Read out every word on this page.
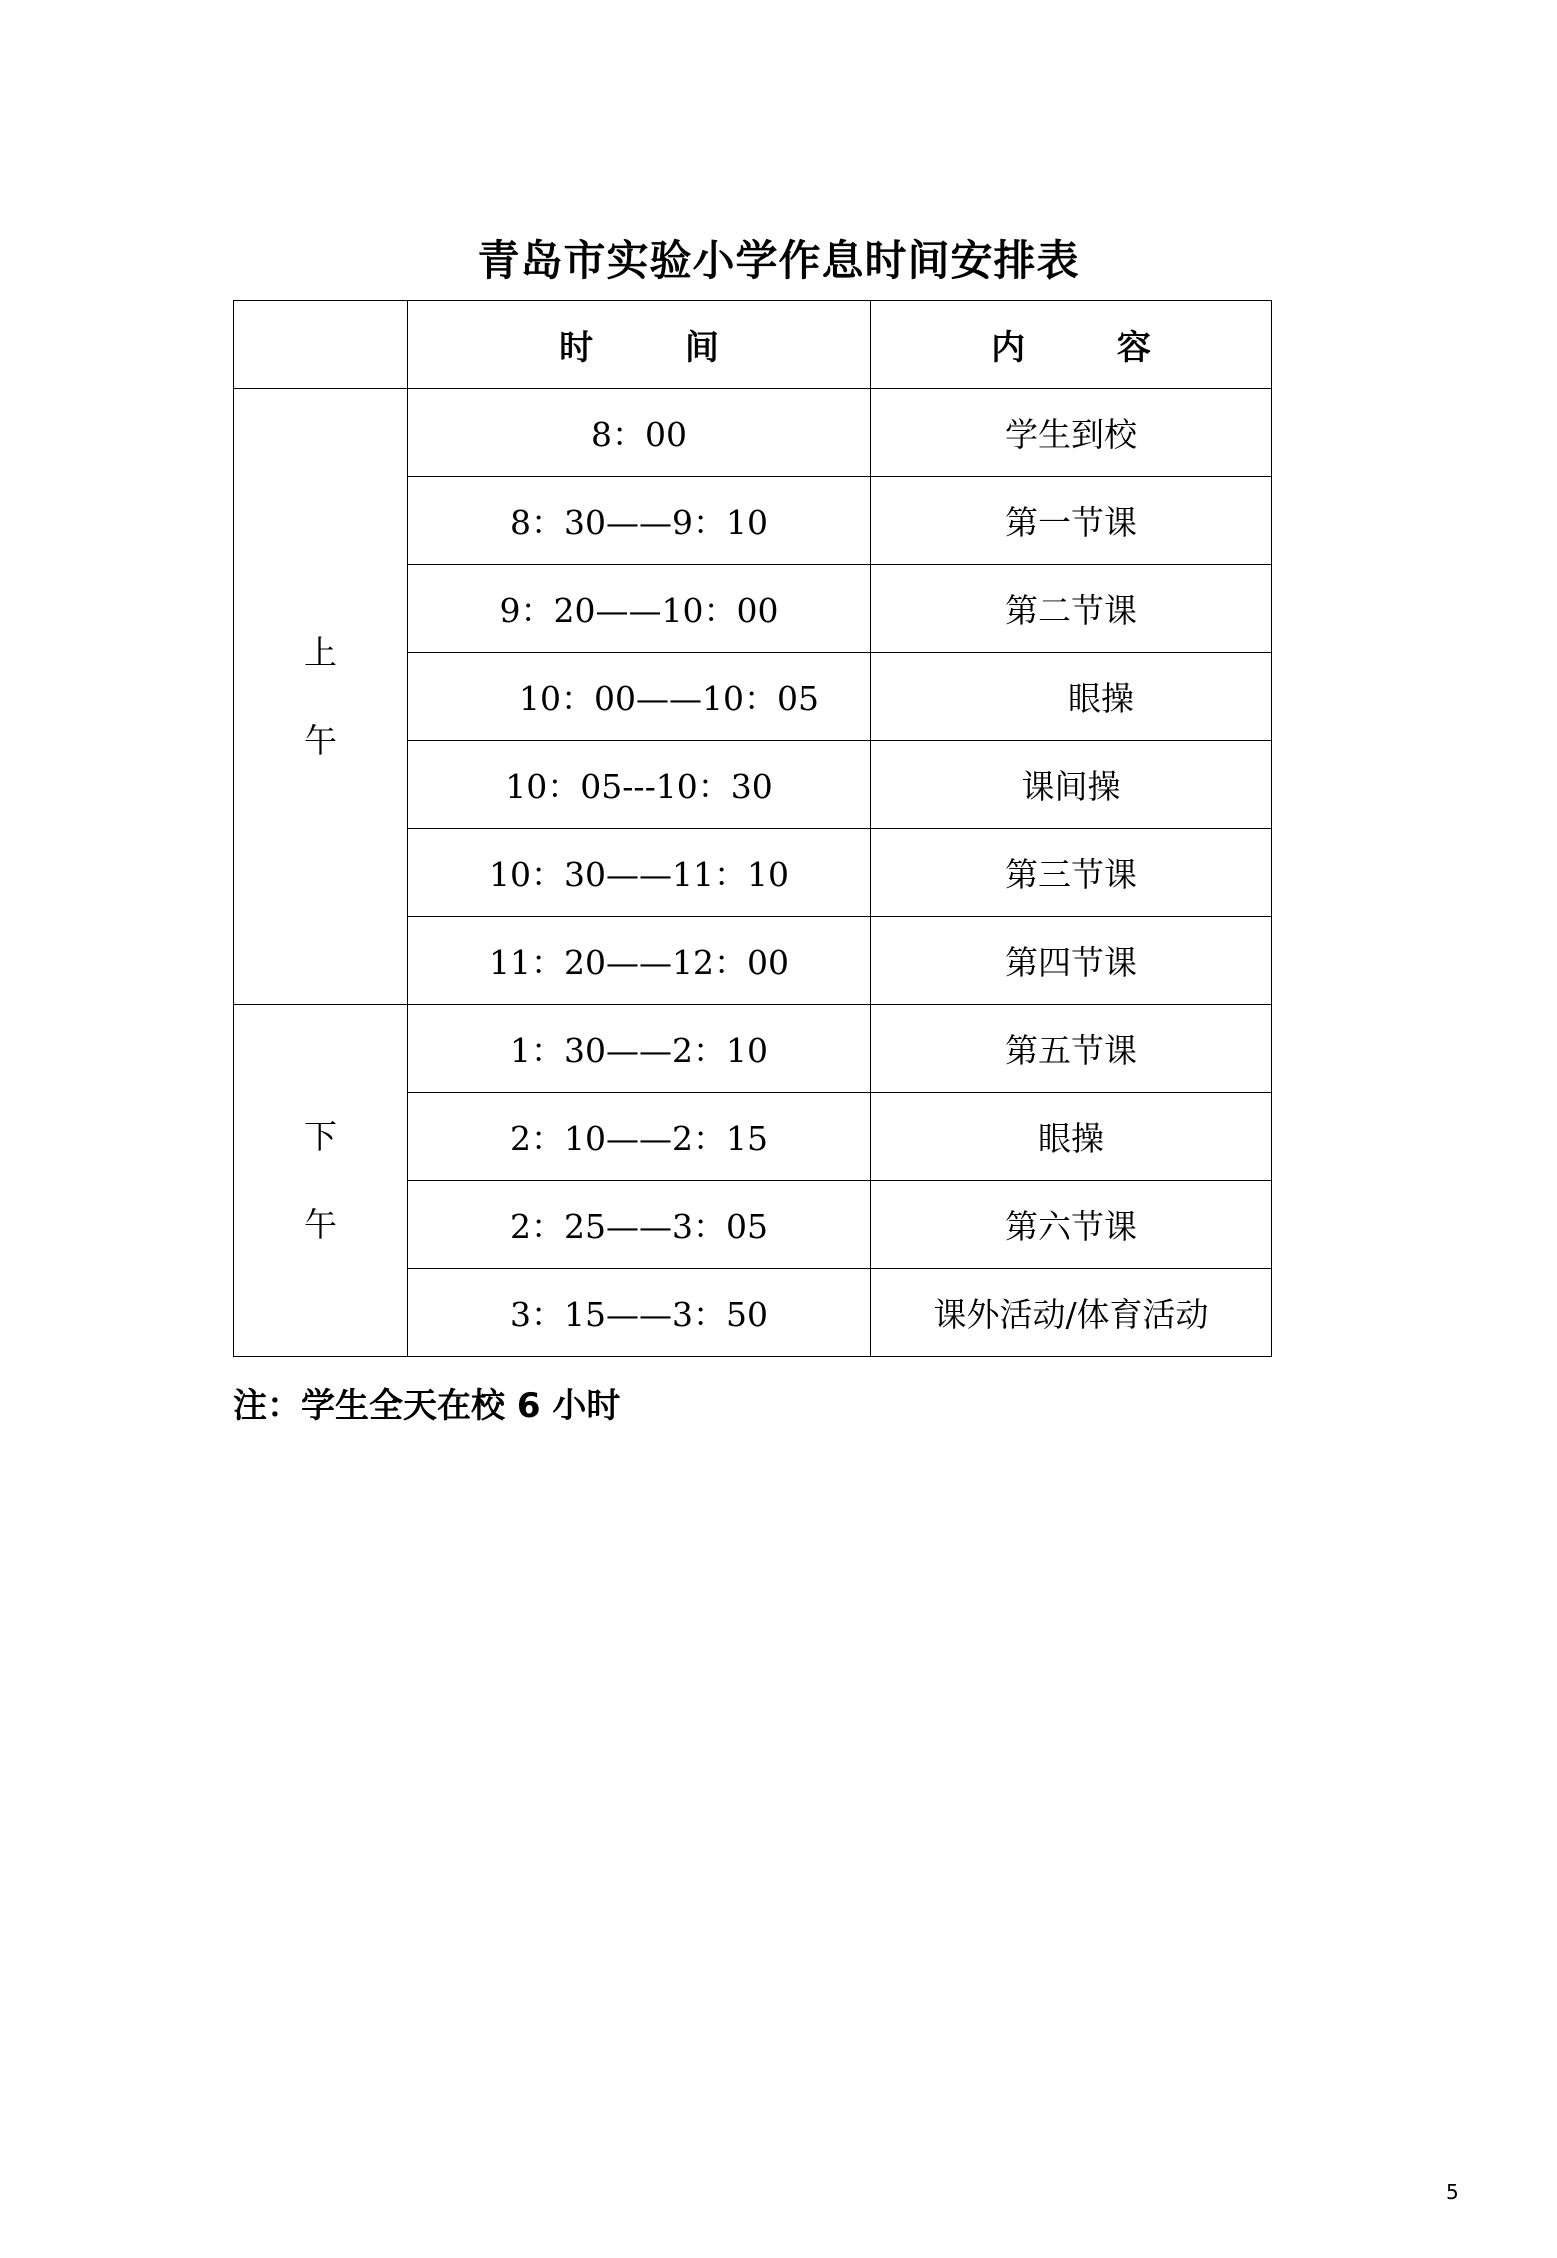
青岛市实验小学作息时间安排表
	时 间	内 容

上
午	8：00	学生到校
	8：30——9：10	第一节课
	9：20——10：00	第二节课
	10：00——10：05	眼操
	10：05---10：30	课间操
	10：30——11：10	第三节课
	11：20——12：00	第四节课

下
午	1：30——2：10	第五节课
	2：10——2：15	眼操
	2：25——3：05	第六节课
	3：15——3：50	课外活动/体育活动
注：学生全天在校 6 小时
5
